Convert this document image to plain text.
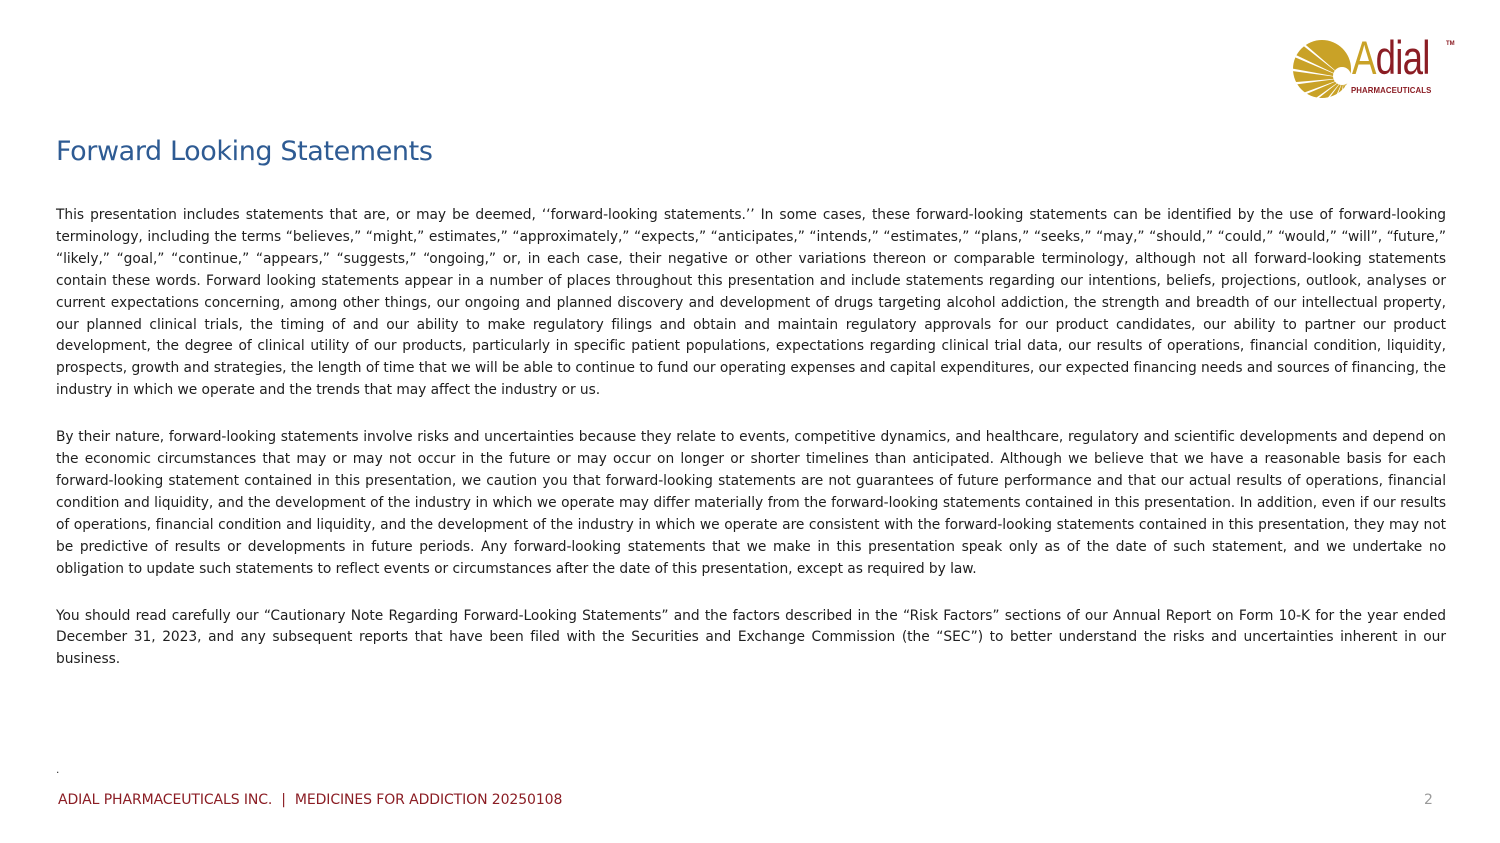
Adial	TM
PHARMACEUTICALS
Forward Looking Statements

This presentation includes statements that are, or may be deemed, ‘‘forward-looking statements.’’ In some cases, these forward-looking statements can be identified by the use of forward-looking terminology, including the terms “believes,” “might,” estimates,” “approximately,” “expects,” “anticipates,” “intends,” “estimates,” “plans,” “seeks,” “may,” “should,” “could,” “would,” “will”, “future,” “likely,” “goal,” “continue,” “appears,” “suggests,” “ongoing,” or, in each case, their negative or other variations thereon or comparable terminology, although not all forward-looking statements contain these words. Forward looking statements appear in a number of places throughout this presentation and include statements regarding our intentions, beliefs, projections, outlook, analyses or current expectations concerning, among other things, our ongoing and planned discovery and development of drugs targeting alcohol addiction, the strength and breadth of our intellectual property, our planned clinical trials, the timing of and our ability to make regulatory filings and obtain and maintain regulatory approvals for our product candidates, our ability to partner our product development, the degree of clinical utility of our products, particularly in specific patient populations, expectations regarding clinical trial data, our results of operations, financial condition, liquidity, prospects, growth and strategies, the length of time that we will be able to continue to fund our operating expenses and capital expenditures, our expected financing needs and sources of financing, the industry in which we operate and the trends that may affect the industry or us.

By their nature, forward-looking statements involve risks and uncertainties because they relate to events, competitive dynamics, and healthcare, regulatory and scientific developments and depend on the economic circumstances that may or may not occur in the future or may occur on longer or shorter timelines than anticipated. Although we believe that we have a reasonable basis for each forward-looking statement contained in this presentation, we caution you that forward-looking statements are not guarantees of future performance and that our actual results of operations, financial condition and liquidity, and the development of the industry in which we operate may differ materially from the forward-looking statements contained in this presentation. In addition, even if our results of operations, financial condition and liquidity, and the development of the industry in which we operate are consistent with the forward-looking statements contained in this presentation, they may not be predictive of results or developments in future periods. Any forward-looking statements that we make in this presentation speak only as of the date of such statement, and we undertake no obligation to update such statements to reflect events or circumstances after the date of this presentation, except as required by law.

You should read carefully our “Cautionary Note Regarding Forward-Looking Statements” and the factors described in the “Risk Factors” sections of our Annual Report on Form 10-K for the year ended December 31, 2023, and any subsequent reports that have been filed with the Securities and Exchange Commission (the “SEC”) to better understand the risks and uncertainties inherent in our business.

.
ADIAL PHARMACEUTICALS INC. | MEDICINES FOR ADDICTION 20250108	2
